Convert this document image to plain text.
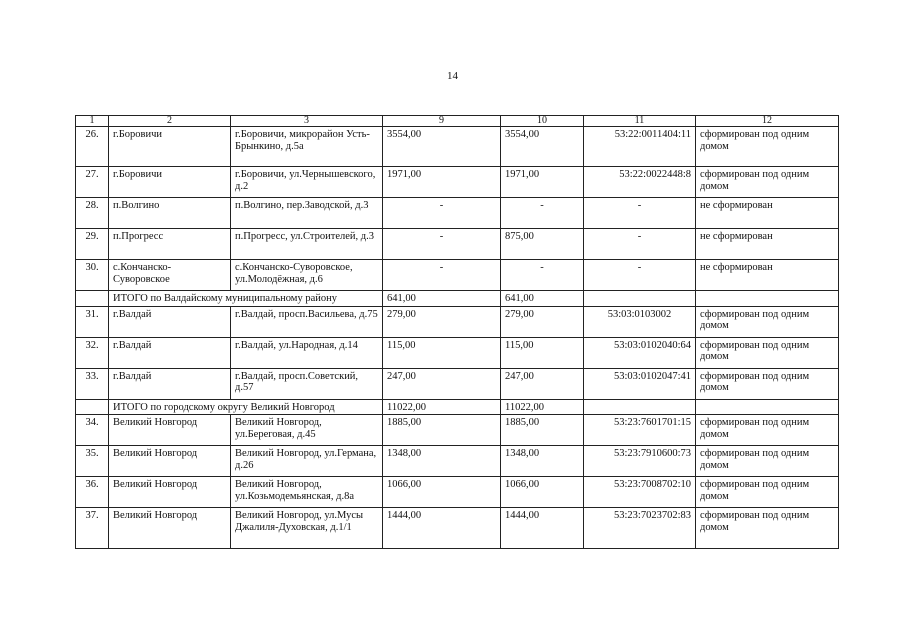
14
1	2	3	9	10	11	12
26.	г.Боровичи	г.Боровичи, микрорайон Усть-Брынкино, д.5а	3554,00	3554,00	53:22:0011404:11	сформирован под одним домом
27.	г.Боровичи	г.Боровичи, ул.Чернышевского, д.2	1971,00	1971,00	53:22:0022448:8	сформирован под одним домом
28.	п.Волгино	п.Волгино, пер.Заводской, д.3	-	-	-	не сформирован
29.	п.Прогресс	п.Прогресс, ул.Строителей, д.3	-	875,00	-	не сформирован
30.	с.Кончанско-Суворовское	с.Кончанско-Суворовское, ул.Молодёжная, д.6	-	-	-	не сформирован
	ИТОГО по Валдайскому муниципальному району		641,00	641,00		
31.	г.Валдай	г.Валдай, просп.Васильева, д.75	279,00	279,00	53:03:0103002	сформирован под одним домом
32.	г.Валдай	г.Валдай, ул.Народная, д.14	115,00	115,00	53:03:0102040:64	сформирован под одним домом
33.	г.Валдай	г.Валдай, просп.Советский, д.57	247,00	247,00	53:03:0102047:41	сформирован под одним домом
	ИТОГО по городскому округу Великий Новгород		11022,00	11022,00		
34.	Великий Новгород	Великий Новгород, ул.Береговая, д.45	1885,00	1885,00	53:23:7601701:15	сформирован под одним домом
35.	Великий Новгород	Великий Новгород, ул.Германа, д.26	1348,00	1348,00	53:23:7910600:73	сформирован под одним домом
36.	Великий Новгород	Великий Новгород, ул.Козьмодемьянская, д.8а	1066,00	1066,00	53:23:7008702:10	сформирован под одним домом
37.	Великий Новгород	Великий Новгород, ул.Мусы Джалиля-Духовская, д.1/1	1444,00	1444,00	53:23:7023702:83	сформирован под одним домом
